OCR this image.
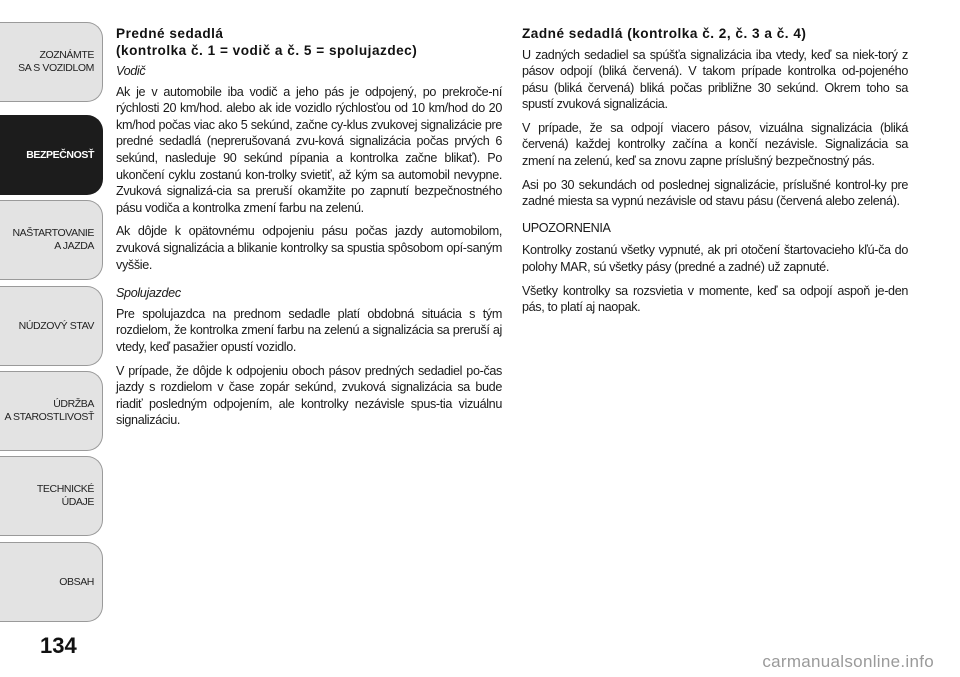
ZOZNÁMTE
SA S VOZIDLOM
BEZPEČNOSŤ
NAŠTARTOVANIE
A JAZDA
NÚDZOVÝ STAV
ÚDRŽBA
A STAROSTLIVOSŤ
TECHNICKÉ
ÚDAJE
OBSAH
134
Predné sedadlá
(kontrolka č. 1 = vodič a č. 5 = spolujazdec)

Vodič

Ak je v automobile iba vodič a jeho pás je odpojený, po prekroče-ní rýchlosti 20 km/hod. alebo ak ide vozidlo rýchlosťou od 10 km/hod do 20 km/hod počas viac ako 5 sekúnd, začne cy-klus zvukovej signalizácie pre predné sedadlá (neprerušovaná zvu-ková signalizácia počas prvých 6 sekúnd, nasleduje 90 sekúnd pípania a kontrolka začne blikať). Po ukončení cyklu zostanú kon-trolky svietiť, až kým sa automobil nevypne. Zvuková signalizá-cia sa preruší okamžite po zapnutí bezpečnostného pásu vodiča a kontrolka zmení farbu na zelenú.

Ak dôjde k opätovnému odpojeniu pásu počas jazdy automobilom, zvuková signalizácia a blikanie kontrolky sa spustia spôsobom opí-saným vyššie.

Spolujazdec

Pre spolujazdca na prednom sedadle platí obdobná situácia s tým rozdielom, že kontrolka zmení farbu na zelenú a signalizácia sa preruší aj vtedy, keď pasažier opustí vozidlo.

V prípade, že dôjde k odpojeniu oboch pásov predných sedadiel po-čas jazdy s rozdielom v čase zopár sekúnd, zvuková signalizácia sa bude riadiť posledným odpojením, ale kontrolky nezávisle spus-tia vizuálnu signalizáciu.

Zadné sedadlá (kontrolka č. 2, č. 3 a č. 4)

U zadných sedadiel sa spúšťa signalizácia iba vtedy, keď sa niek-torý z pásov odpojí (bliká červená). V takom prípade kontrolka od-pojeného pásu (bliká červená) bliká počas približne 30 sekúnd. Okrem toho sa spustí zvuková signalizácia.

V prípade, že sa odpojí viacero pásov, vizuálna signalizácia (bliká červená) každej kontrolky začína a končí nezávisle. Signalizácia sa zmení na zelenú, keď sa znovu zapne príslušný bezpečnostný pás.

Asi po 30 sekundách od poslednej signalizácie, príslušné kontrol-ky pre zadné miesta sa vypnú nezávisle od stavu pásu (červená alebo zelená).

UPOZORNENIA

Kontrolky zostanú všetky vypnuté, ak pri otočení štartovacieho kľú-ča do polohy MAR, sú všetky pásy (predné a zadné) už zapnuté.

Všetky kontrolky sa rozsvietia v momente, keď sa odpojí aspoň je-den pás, to platí aj naopak.

carmanualsonline.info
